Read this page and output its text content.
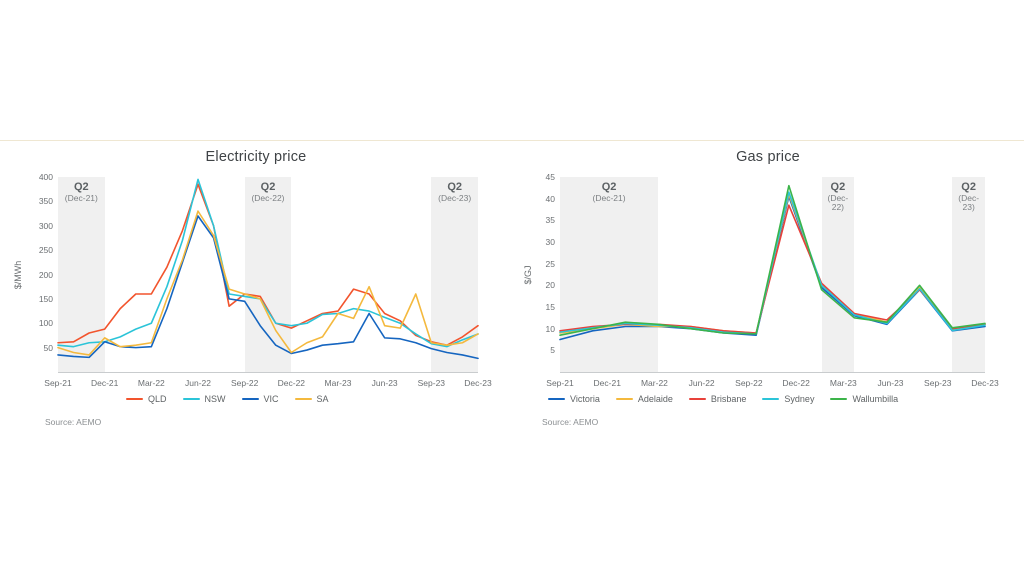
Electricity price
Q2
(Dec-21)
Q2
(Dec-22)
Q2
(Dec-23)
50
100
150
200
250
300
350
400
$/MWh
Sep-21 Dec-21 Mar-22 Jun-22 Sep-22 Dec-22 Mar-23 Jun-23 Sep-23 Dec-23
QLD	NSW	VIC	SA
Source: AEMO
Gas price
Q2
(Dec-21)
Q2
(Dec-22)
Q2
(Dec-23)
5
10
15
20
25
30
35
40
45
$/GJ
Sep-21 Dec-21 Mar-22 Jun-22 Sep-22 Dec-22 Mar-23 Jun-23 Sep-23 Dec-23
Victoria	Adelaide	Brisbane	Sydney	Wallumbilla
Source: AEMO
